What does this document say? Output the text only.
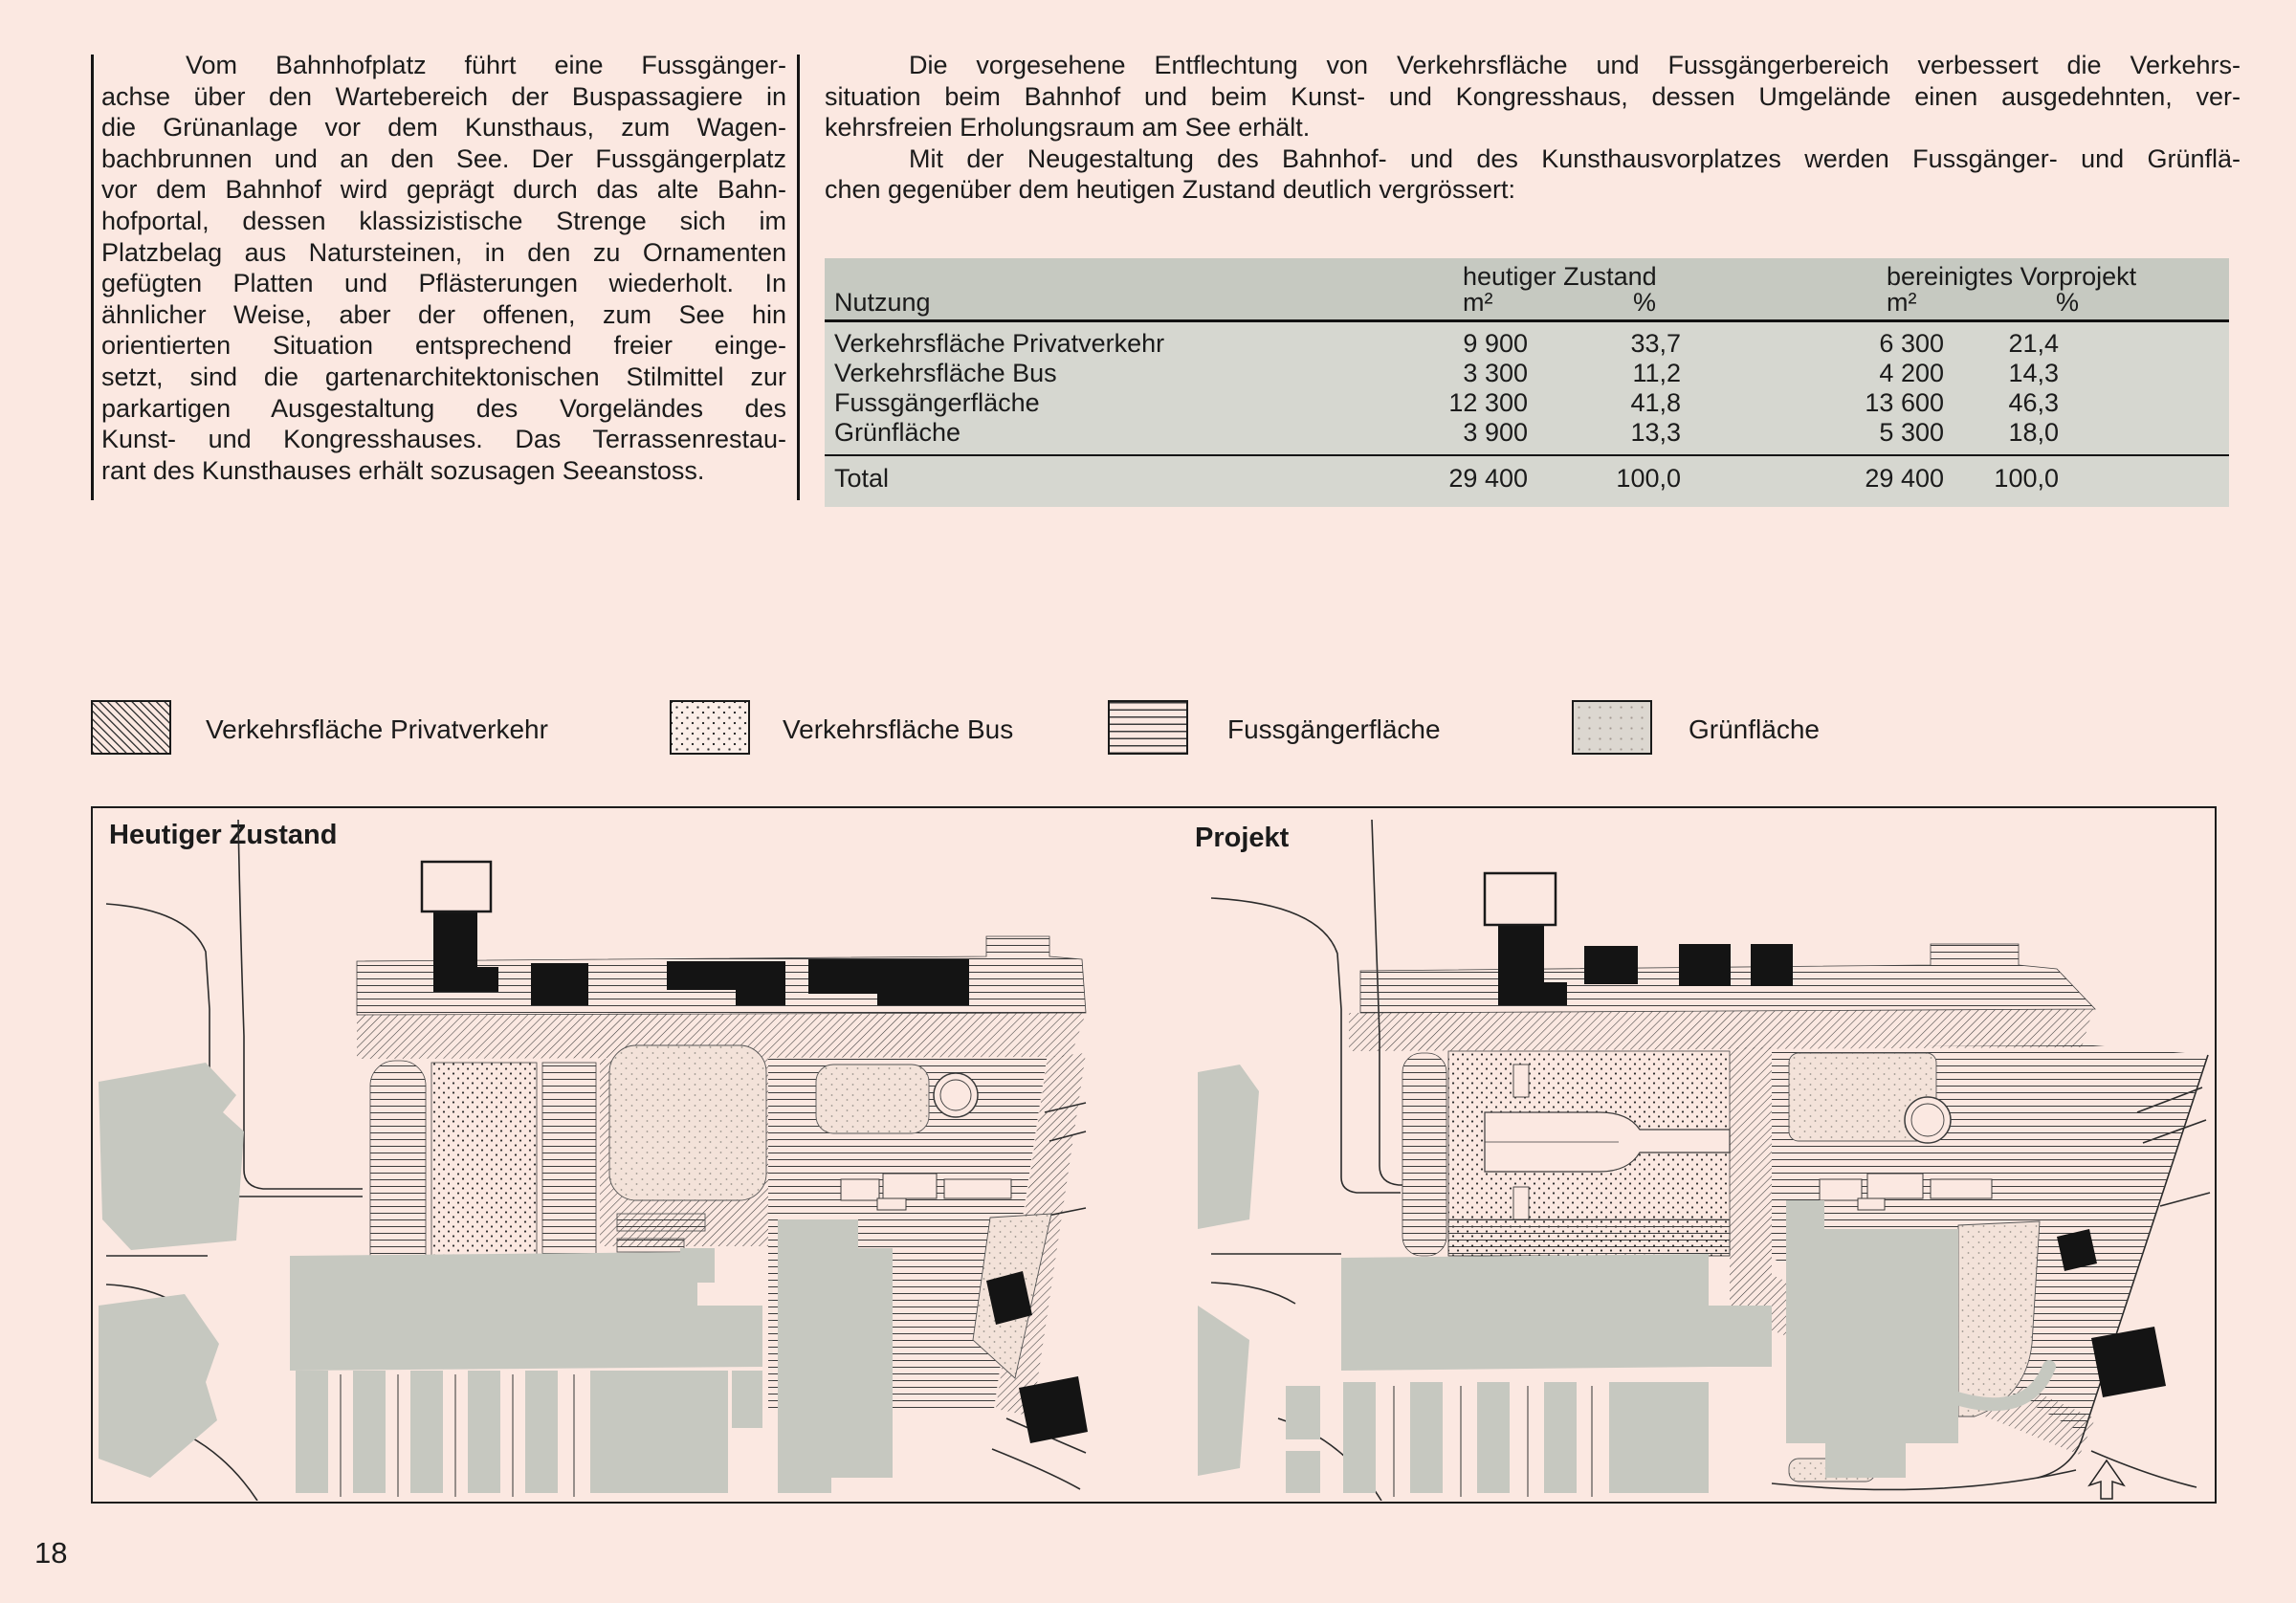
Vom Bahnhofplatz führt eine Fussgänger-
achse über den Wartebereich der Buspassagiere in
die Grünanlage vor dem Kunsthaus, zum Wagen-
bachbrunnen und an den See. Der Fussgängerplatz
vor dem Bahnhof wird geprägt durch das alte Bahn-
hofportal, dessen klassizistische Strenge sich im
Platzbelag aus Natursteinen, in den zu Ornamenten
gefügten Platten und Pflästerungen wiederholt. In
ähnlicher Weise, aber der offenen, zum See hin
orientierten Situation entsprechend freier einge-
setzt, sind die gartenarchitektonischen Stilmittel zur
parkartigen Ausgestaltung des Vorgeländes des
Kunst- und Kongresshauses. Das Terrassenrestau-
rant des Kunsthauses erhält sozusagen Seeanstoss.
Die vorgesehene Entflechtung von Verkehrsfläche und Fussgängerbereich verbessert die Verkehrs-
situation beim Bahnhof und beim Kunst- und Kongresshaus, dessen Umgelände einen ausgedehnten, ver-
kehrsfreien Erholungsraum am See erhält.
Mit der Neugestaltung des Bahnhof- und des Kunsthausvorplatzes werden Fussgänger- und Grünflä-
chen gegenüber dem heutigen Zustand deutlich vergrössert:
Nutzung
heutiger Zustand
m²	%
bereinigtes Vorprojekt
m²	%
Verkehrsfläche Privatverkehr	9 900	33,7	6 300	21,4
Verkehrsfläche Bus	3 300	11,2	4 200	14,3
Fussgängerfläche	12 300	41,8	13 600	46,3
Grünfläche	3 900	13,3	5 300	18,0
Total	29 400	100,0	29 400	100,0
Verkehrsfläche Privatverkehr	Verkehrsfläche Bus	Fussgängerfläche	Grünfläche
Heutiger Zustand	Projekt
18
